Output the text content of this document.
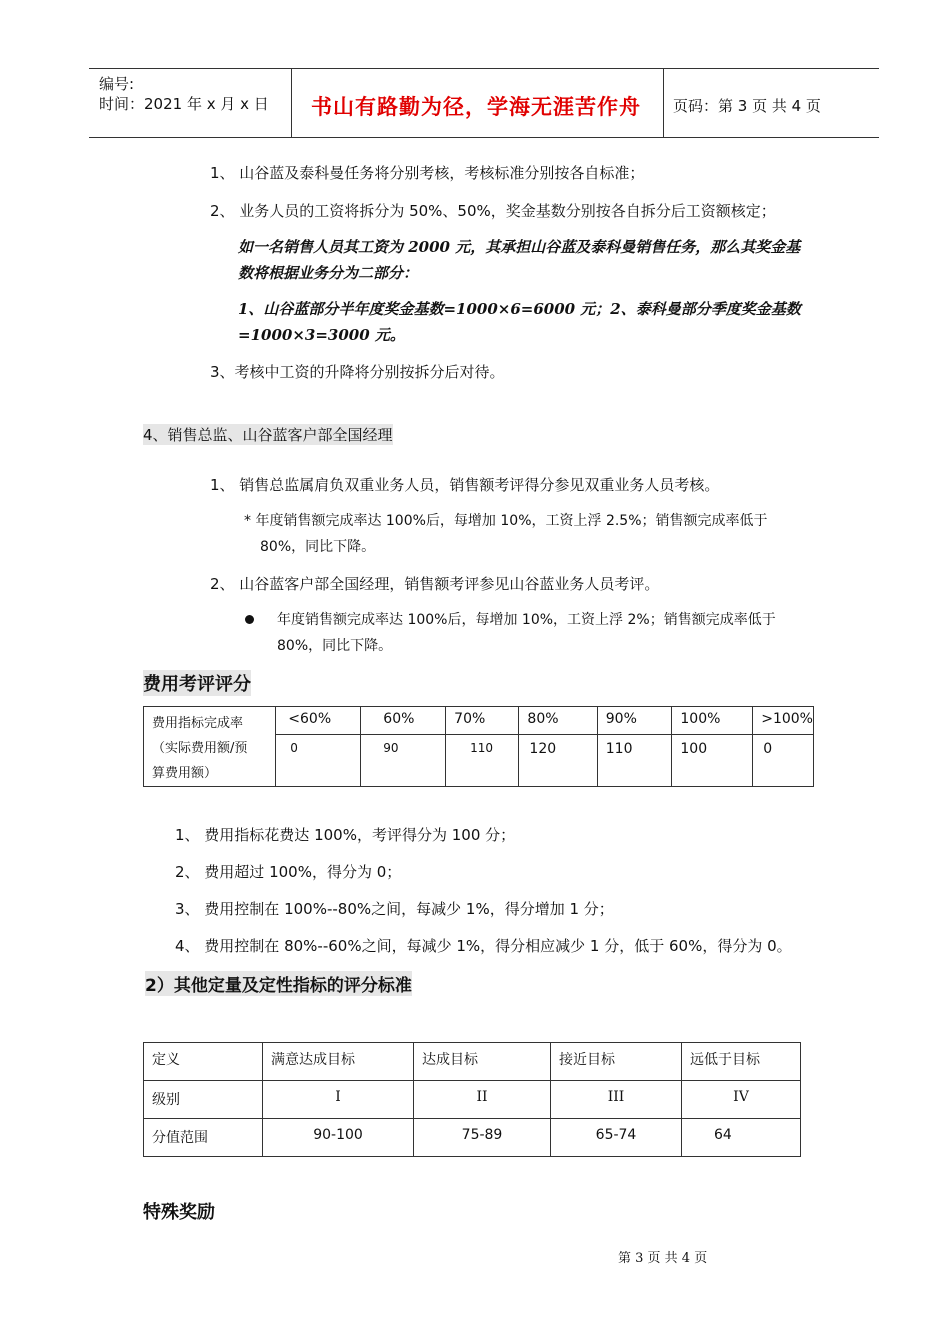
编号:
时间：2021 年 x 月 x 日 书山有路勤为径，学海无涯苦作舟 页码：第 3 页 共 4 页
1、 山谷蓝及泰科曼任务将分别考核，考核标准分别按各自标准；
2、 业务人员的工资将拆分为 50%、50%，奖金基数分别按各自拆分后工资额核定；
如一名销售人员其工资为 2000 元，其承担山谷蓝及泰科曼销售任务，那么其奖金基
数将根据业务分为二部分：
1、山谷蓝部分半年度奖金基数=1000×6=6000 元；2、泰科曼部分季度奖金基数
=1000×3=3000 元。
3、考核中工资的升降将分别按拆分后对待。
4、销售总监、山谷蓝客户部全国经理
1、 销售总监属肩负双重业务人员，销售额考评得分参见双重业务人员考核。
* 年度销售额完成率达 100%后，每增加 10%，工资上浮 2.5%；销售额完成率低于
80%，同比下降。
2、 山谷蓝客户部全国经理，销售额考评参见山谷蓝业务人员考评。
年度销售额完成率达 100%后，每增加 10%，工资上浮 2%；销售额完成率低于
80%，同比下降。
费用考评评分
费用指标完成率
（实际费用额/预
算费用额）	<60%	60%	70%	80%	90%	100%	>100%
	0	90	110	120	110	100	0
1、 费用指标花费达 100%，考评得分为 100 分；
2、 费用超过 100%，得分为 0；
3、 费用控制在 100%--80%之间，每减少 1%，得分增加 1 分；
4、 费用控制在 80%--60%之间，每减少 1%，得分相应减少 1 分，低于 60%，得分为 0。
2）其他定量及定性指标的评分标准
定义	满意达成目标	达成目标	接近目标	远低于目标
级别	I	II	III	IV
分值范围	90-100	75-89	65-74	64
特殊奖励
第 3 页 共 4 页
